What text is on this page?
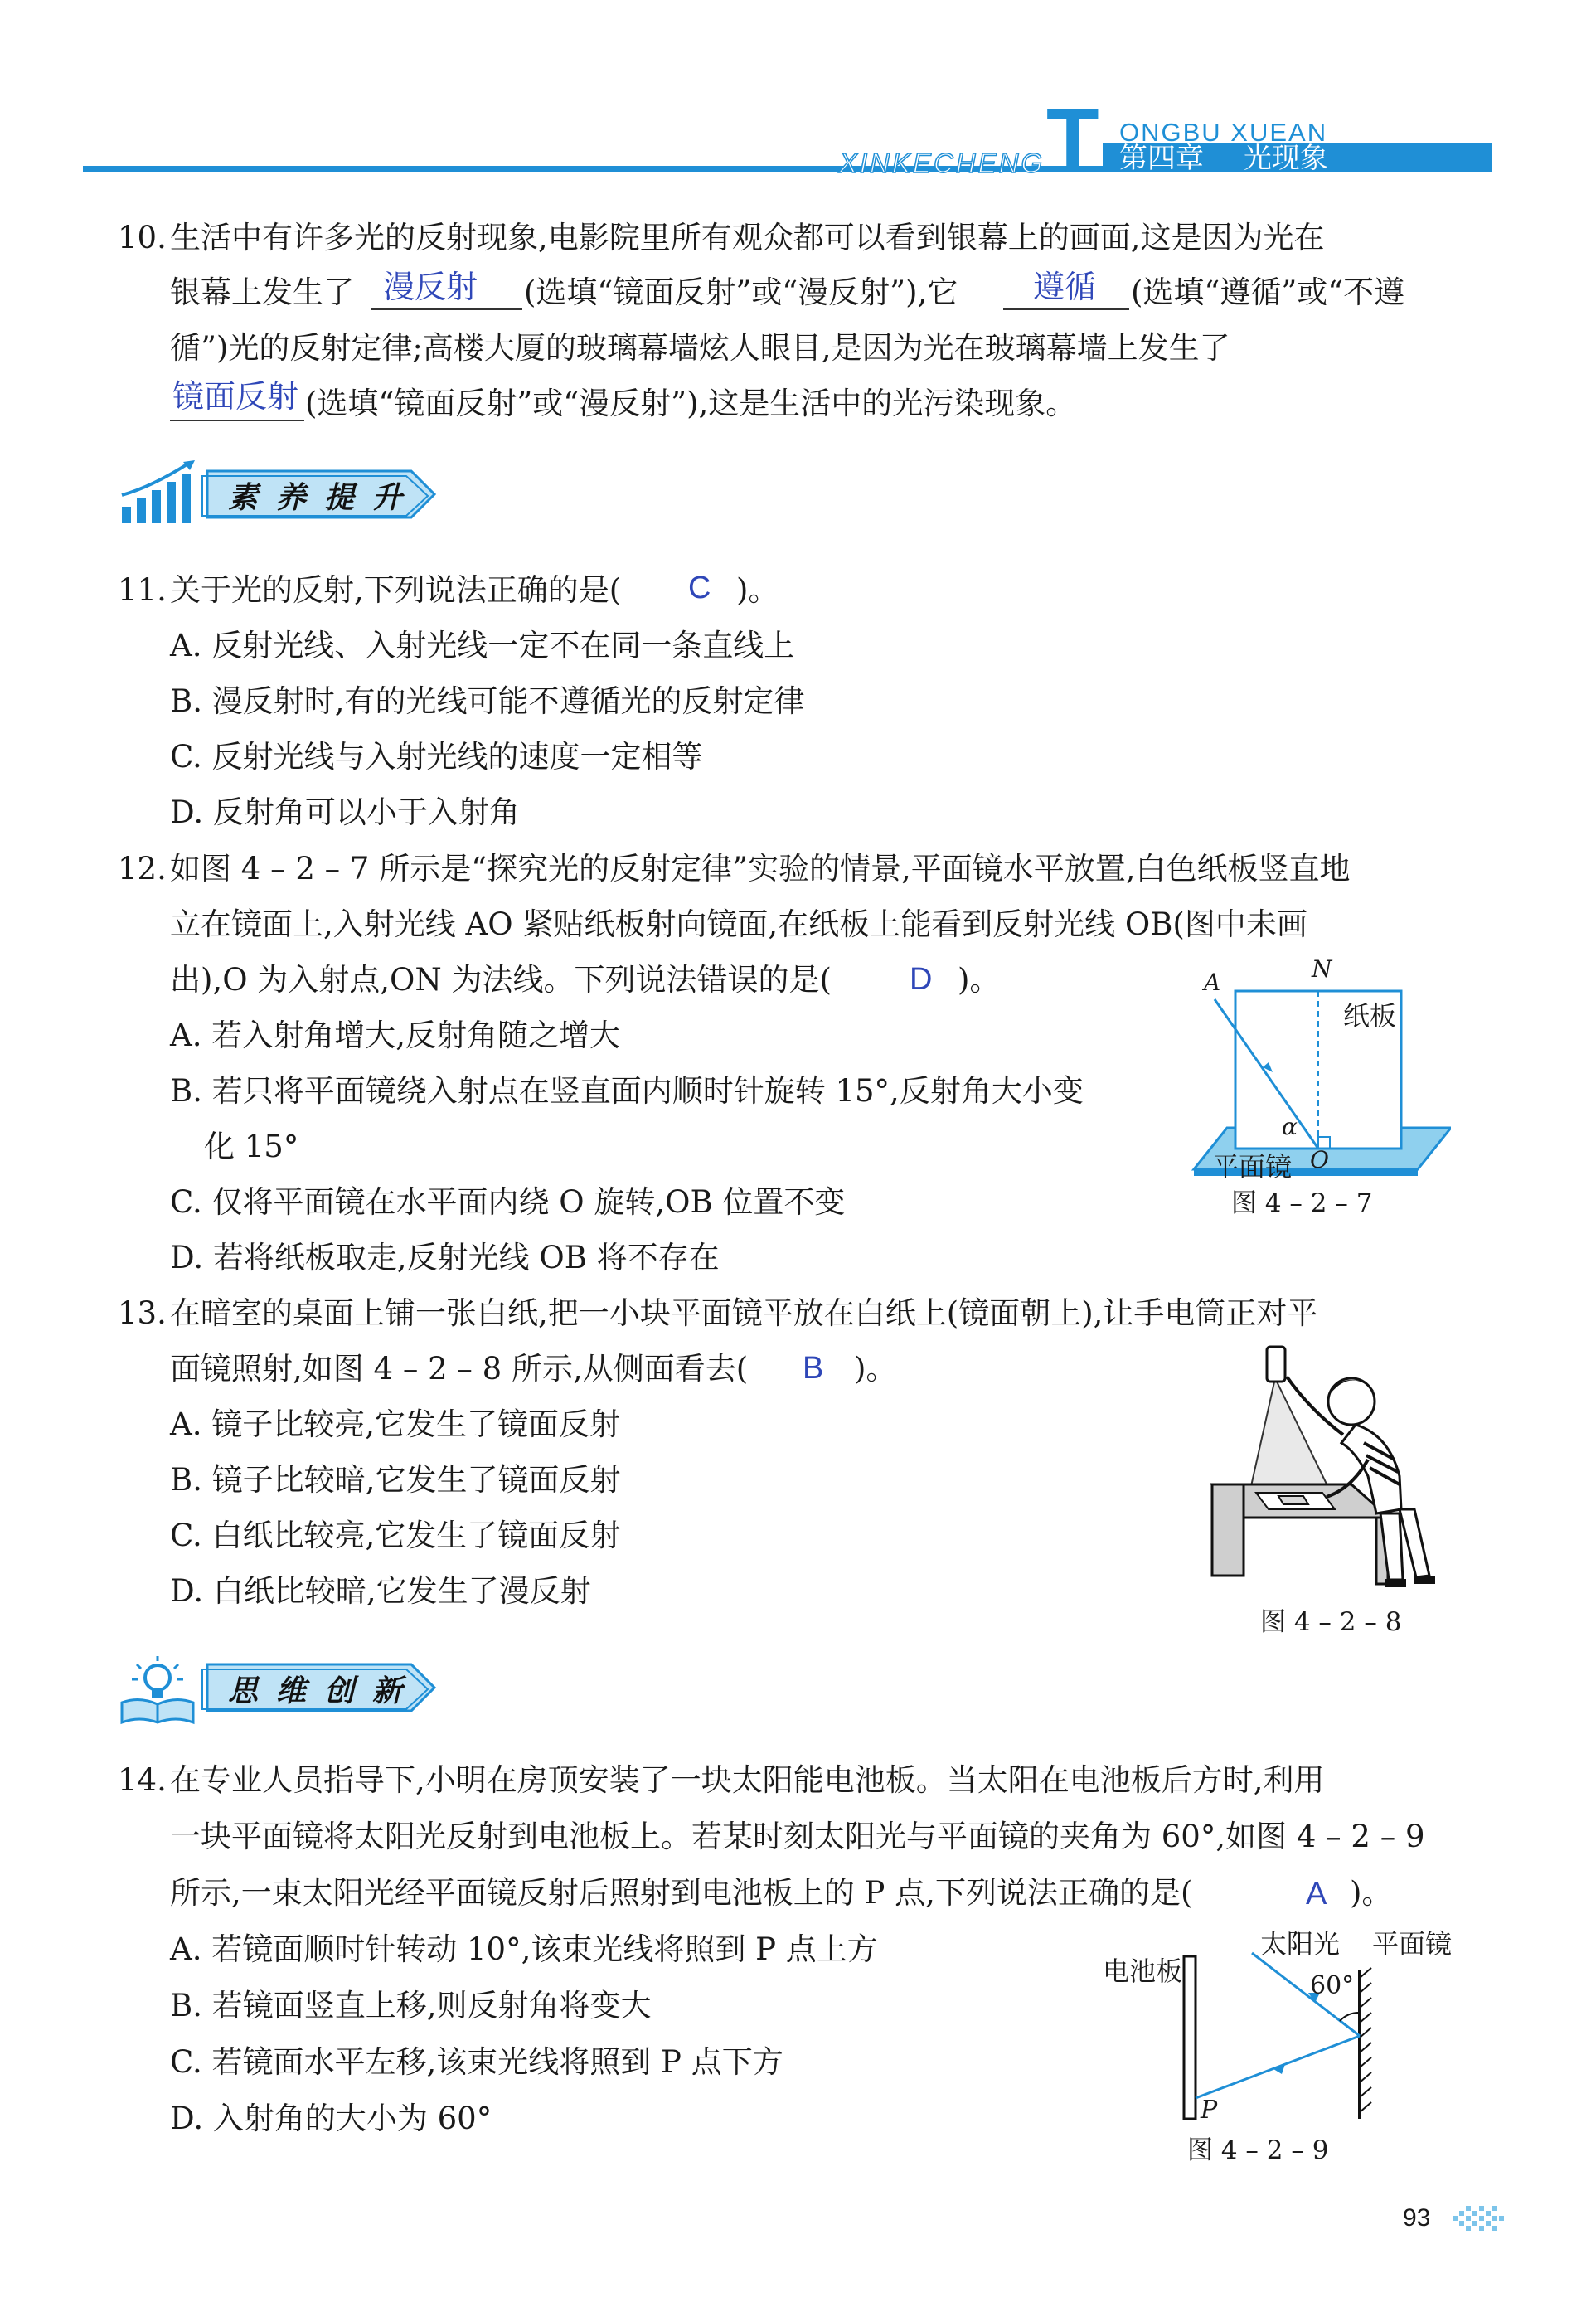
T ONGBU XUEAN
XINKECHENG	第四章 光现象
10. 生活中有许多光的反射现象,电影院里所有观众都可以看到银幕上的画面,这是因为光在
银幕上发生了 漫反射 (选填“镜面反射”或“漫反射”),它 遵循 (选填“遵循”或“不遵
循”)光的反射定律;高楼大厦的玻璃幕墙炫人眼目,是因为光在玻璃幕墙上发生了
镜面反射 (选填“镜面反射”或“漫反射”),这是生活中的光污染现象。
素养提升
11. 关于光的反射,下列说法正确的是( C )。
A. 反射光线、入射光线一定不在同一条直线上
B. 漫反射时,有的光线可能不遵循光的反射定律
C. 反射光线与入射光线的速度一定相等
D. 反射角可以小于入射角
12. 如图 4 – 2 – 7 所示是“探究光的反射定律”实验的情景,平面镜水平放置,白色纸板竖直地
立在镜面上,入射光线 AO 紧贴纸板射向镜面,在纸板上能看到反射光线 OB(图中未画
出),O 为入射点,ON 为法线。下列说法错误的是( D )。
A. 若入射角增大,反射角随之增大
B. 若只将平面镜绕入射点在竖直面内顺时针旋转 15°,反射角大小变
化 15°
C. 仅将平面镜在水平面内绕 O 旋转,OB 位置不变
D. 若将纸板取走,反射光线 OB 将不存在
A	N
纸板
α
O
平面镜
图 4 – 2 – 7
13. 在暗室的桌面上铺一张白纸,把一小块平面镜平放在白纸上(镜面朝上),让手电筒正对平
面镜照射,如图 4 – 2 – 8 所示,从侧面看去( B )。
A. 镜子比较亮,它发生了镜面反射
B. 镜子比较暗,它发生了镜面反射
C. 白纸比较亮,它发生了镜面反射
D. 白纸比较暗,它发生了漫反射
图 4 – 2 – 8
思维创新
14. 在专业人员指导下,小明在房顶安装了一块太阳能电池板。当太阳在电池板后方时,利用
一块平面镜将太阳光反射到电池板上。若某时刻太阳光与平面镜的夹角为 60°,如图 4 – 2 – 9
所示,一束太阳光经平面镜反射后照射到电池板上的 P 点,下列说法正确的是(	A )。
A. 若镜面顺时针转动 10°,该束光线将照到 P 点上方
B. 若镜面竖直上移,则反射角将变大
C. 若镜面水平左移,该束光线将照到 P 点下方
D. 入射角的大小为 60°
电池板
太阳光 平面镜
60°
P
图 4 – 2 – 9
93
